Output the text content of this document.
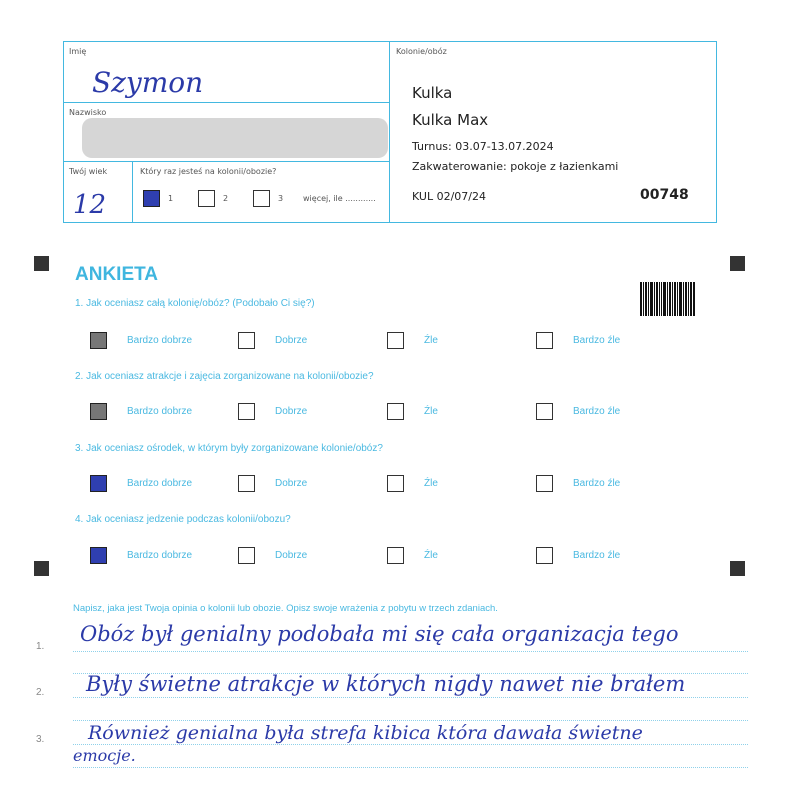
Imię
Szymon
Nazwisko
Twój wiek
12
Który raz jesteś na kolonii/obozie?
1	2	3 więcej, ile ............
Kolonie/obóz
Kulka
Kulka Max
Turnus: 03.07-13.07.2024
Zakwaterowanie: pokoje z łazienkami
KUL 02/07/24	00748
ANKIETA
1. Jak oceniasz całą kolonię/obóz? (Podobało Ci się?)
Bardzo dobrze	Dobrze	Źle	Bardzo źle
2. Jak oceniasz atrakcje i zajęcia zorganizowane na kolonii/obozie?
Bardzo dobrze	Dobrze	Źle	Bardzo źle
3. Jak oceniasz ośrodek, w którym były zorganizowane kolonie/obóz?
Bardzo dobrze	Dobrze	Źle	Bardzo źle
4. Jak oceniasz jedzenie podczas kolonii/obozu?
Bardzo dobrze	Dobrze	Źle	Bardzo źle
Napisz, jaka jest Twoja opinia o kolonii lub obozie. Opisz swoje wrażenia z pobytu w trzech zdaniach.
1.
2.
3.
Obóz był genialny podobała mi się cała organizacja tego
Były świetne atrakcje w których nigdy nawet nie brałem
Również genialna była strefa kibica która dawała świetne
emocje.
